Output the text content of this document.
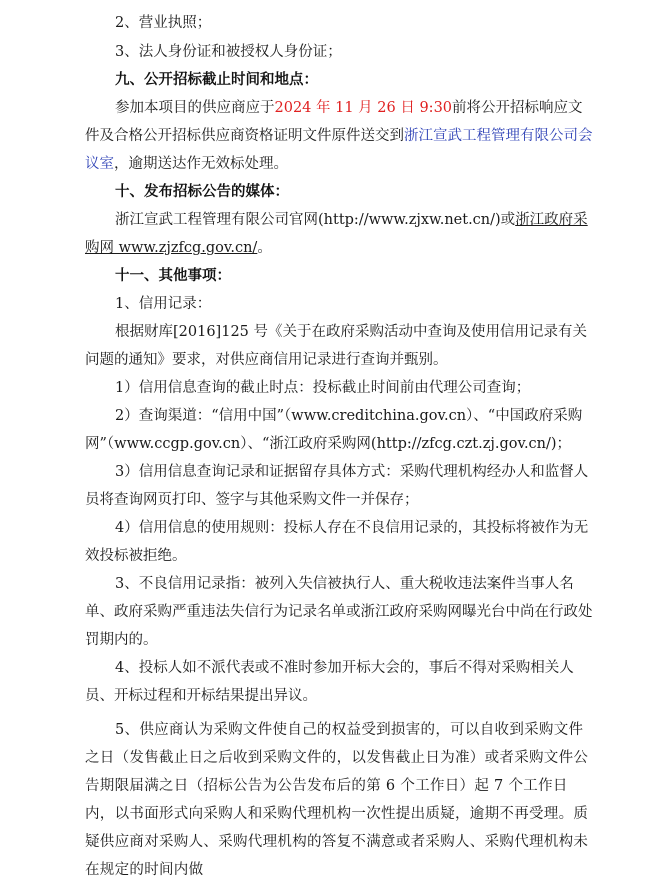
2、营业执照；

3、法人身份证和被授权人身份证；

九、公开招标截止时间和地点：

参加本项目的供应商应于2024 年 11 月 26 日 9:30前将公开招标响应文件及合格公开招标供应商资格证明文件原件送交到浙江宣武工程管理有限公司会议室，逾期送达作无效标处理。

十、发布招标公告的媒体：

浙江宣武工程管理有限公司官网(http://www.zjxw.net.cn/)或浙江政府采购网 www.zjzfcg.gov.cn/。

十一、其他事项：

1、信用记录：

根据财库[2016]125 号《关于在政府采购活动中查询及使用信用记录有关问题的通知》要求，对供应商信用记录进行查询并甄别。

1）信用信息查询的截止时点：投标截止时间前由代理公司查询；

2）查询渠道：“信用中国”（www.creditchina.gov.cn）、“中国政府采购网”（www.ccgp.gov.cn）、“浙江政府采购网(http://zfcg.czt.zj.gov.cn/)；

3）信用信息查询记录和证据留存具体方式：采购代理机构经办人和监督人员将查询网页打印、签字与其他采购文件一并保存；

4）信用信息的使用规则：投标人存在不良信用记录的，其投标将被作为无效投标被拒绝。

3、不良信用记录指：被列入失信被执行人、重大税收违法案件当事人名单、政府采购严重违法失信行为记录名单或浙江政府采购网曝光台中尚在行政处罚期内的。

4、投标人如不派代表或不准时参加开标大会的，事后不得对采购相关人员、开标过程和开标结果提出异议。

5、供应商认为采购文件使自己的权益受到损害的，可以自收到采购文件之日（发售截止日之后收到采购文件的，以发售截止日为准）或者采购文件公告期限届满之日（招标公告为公告发布后的第 6 个工作日）起 7 个工作日内，以书面形式向采购人和采购代理机构一次性提出质疑，逾期不再受理。质疑供应商对采购人、采购代理机构的答复不满意或者采购人、采购代理机构未在规定的时间内做
